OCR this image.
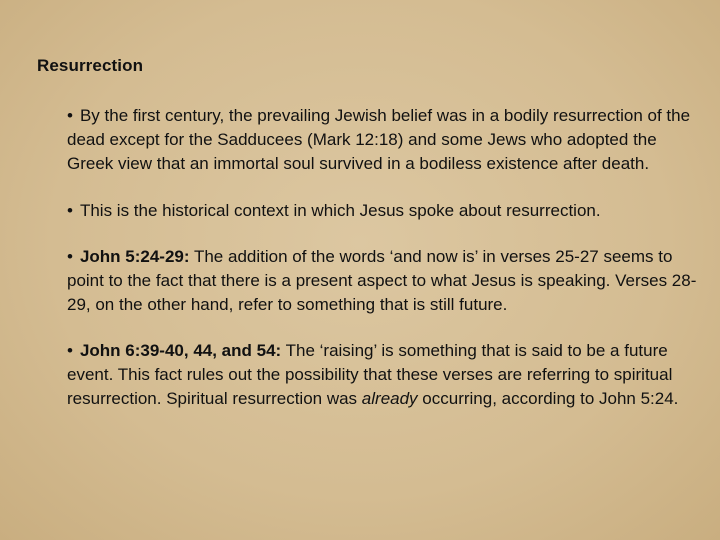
Resurrection
• By the first century, the prevailing Jewish belief was in a bodily resurrection of the dead except for the Sadducees (Mark 12:18) and some Jews who adopted the Greek view that an immortal soul survived in a bodiless existence after death.
• This is the historical context in which Jesus spoke about resurrection.
• John 5:24-29: The addition of the words ‘and now is’ in verses 25-27 seems to point to the fact that there is a present aspect to what Jesus is speaking. Verses 28-29, on the other hand, refer to something that is still future.
• John 6:39-40, 44, and 54: The ‘raising’ is something that is said to be a future event. This fact rules out the possibility that these verses are referring to spiritual resurrection. Spiritual resurrection was already occurring, according to John 5:24.
